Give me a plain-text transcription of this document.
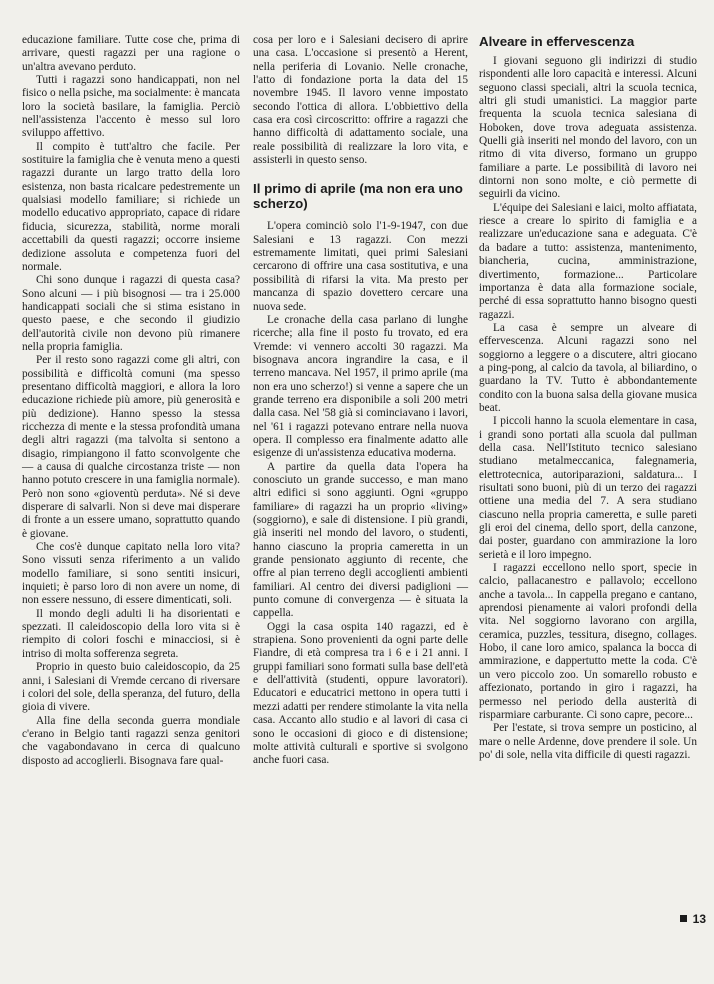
educazione familiare. Tutte cose che, prima di arrivare, questi ragazzi per una ragione o un'altra avevano perduto.

Tutti i ragazzi sono handicappati, non nel fisico o nella psiche, ma socialmente: è mancata loro la società basilare, la famiglia. Perciò nell'assistenza l'accento è messo sul loro sviluppo affettivo.

Il compito è tutt'altro che facile. Per sostituire la famiglia che è venuta meno a questi ragazzi durante un largo tratto della loro esistenza, non basta ricalcare pedestremente un qualsiasi modello familiare; si richiede un modello educativo appropriato, capace di ridare fiducia, sicurezza, stabilità, norme morali accettabili da questi ragazzi; occorre insieme dedizione assoluta e competenza fuori del normale.

Chi sono dunque i ragazzi di questa casa? Sono alcuni — i più bisognosi — tra i 25.000 handicappati sociali che si stima esistano in questo paese, e che secondo il giudizio dell'autorità civile non devono più rimanere nella propria famiglia.

Per il resto sono ragazzi come gli altri, con possibilità e difficoltà comuni (ma spesso presentano difficoltà maggiori, e allora la loro educazione richiede più amore, più generosità e più dedizione). Hanno spesso la stessa ricchezza di mente e la stessa profondità umana degli altri ragazzi (ma talvolta si sentono a disagio, rimpiangono il fatto sconvolgente che — a causa di qualche circostanza triste — non hanno potuto crescere in una famiglia normale). Però non sono «gioventù perduta». Né si deve disperare di salvarli. Non si deve mai disperare di fronte a un essere umano, soprattutto quando è giovane.

Che cos'è dunque capitato nella loro vita? Sono vissuti senza riferimento a un valido modello familiare, si sono sentiti insicuri, inquieti; è parso loro di non avere un nome, di non essere nessuno, di essere dimenticati, soli.

Il mondo degli adulti li ha disorientati e spezzati. Il caleidoscopio della loro vita si è riempito di colori foschi e minacciosi, si è intriso di molta sofferenza segreta.

Proprio in questo buio caleidoscopio, da 25 anni, i Salesiani di Vremde cercano di riversare i colori del sole, della speranza, del futuro, della gioia di vivere.

Alla fine della seconda guerra mondiale c'erano in Belgio tanti ragazzi senza genitori che vagabondavano in cerca di qualcuno disposto ad accoglierli. Bisognava fare qual-

cosa per loro e i Salesiani decisero di aprire una casa. L'occasione si presentò a Herent, nella periferia di Lovanio. Nelle cronache, l'atto di fondazione porta la data del 15 novembre 1945. Il lavoro venne impostato secondo l'ottica di allora. L'obbiettivo della casa era così circoscritto: offrire a ragazzi che hanno difficoltà di adattamento sociale, una reale possibilità di realizzare la loro vita, e assisterli in questo senso.

Il primo di aprile (ma non era uno scherzo)

L'opera cominciò solo l'1-9-1947, con due Salesiani e 13 ragazzi. Con mezzi estremamente limitati, quei primi Salesiani cercarono di offrire una casa sostitutiva, e una possibilità di rifarsi la vita. Ma presto per mancanza di spazio dovettero cercare una nuova sede.

Le cronache della casa parlano di lunghe ricerche; alla fine il posto fu trovato, ed era Vremde: vi vennero accolti 30 ragazzi. Ma bisognava ancora ingrandire la casa, e il terreno mancava. Nel 1957, il primo aprile (ma non era uno scherzo!) si venne a sapere che un grande terreno era disponibile a soli 200 metri dalla casa. Nel '58 già si cominciavano i lavori, nel '61 i ragazzi potevano entrare nella nuova opera. Il complesso era finalmente adatto alle esigenze di un'assistenza educativa moderna.

A partire da quella data l'opera ha conosciuto un grande successo, e man mano altri edifici si sono aggiunti. Ogni «gruppo familiare» di ragazzi ha un proprio «living» (soggiorno), e sale di distensione. I più grandi, già inseriti nel mondo del lavoro, o studenti, hanno ciascuno la propria cameretta in un grande pensionato aggiunto di recente, che offre al pian terreno degli accoglienti ambienti familiari. Al centro dei diversi padiglioni — punto comune di convergenza — è situata la cappella.

Oggi la casa ospita 140 ragazzi, ed è strapiena. Sono provenienti da ogni parte delle Fiandre, di età compresa tra i 6 e i 21 anni. I gruppi familiari sono formati sulla base dell'età e dell'attività (studenti, oppure lavoratori). Educatori e educatrici mettono in opera tutti i mezzi adatti per rendere stimolante la vita nella casa. Accanto allo studio e al lavori di casa ci sono le occasioni di gioco e di distensione; molte attività culturali e sportive si svolgono anche fuori casa.

Alveare in effervescenza

I giovani seguono gli indirizzi di studio rispondenti alle loro capacità e interessi. Alcuni seguono classi speciali, altri la scuola tecnica, altri gli studi umanistici. La maggior parte frequenta la scuola tecnica salesiana di Hoboken, dove trova adeguata assistenza. Quelli già inseriti nel mondo del lavoro, con un ritmo di vita diverso, formano un gruppo familiare a parte. Le possibilità di lavoro nei dintorni non sono molte, e ciò permette di seguirli da vicino.

L'équipe dei Salesiani e laici, molto affiatata, riesce a creare lo spirito di famiglia e a realizzare un'educazione sana e adeguata. C'è da badare a tutto: assistenza, mantenimento, biancheria, cucina, amministrazione, divertimento, formazione... Particolare importanza è data alla formazione sociale, perché di essa soprattutto hanno bisogno questi ragazzi.

La casa è sempre un alveare di effervescenza. Alcuni ragazzi sono nel soggiorno a leggere o a discutere, altri giocano a ping-pong, al calcio da tavola, al biliardino, o guardano la TV. Tutto è abbondantemente condito con la buona salsa della giovane musica beat.

I piccoli hanno la scuola elementare in casa, i grandi sono portati alla scuola dal pullman della casa. Nell'Istituto tecnico salesiano studiano metalmeccanica, falegnameria, elettrotecnica, autoriparazioni, saldatura... I risultati sono buoni, più di un terzo dei ragazzi ottiene una media del 7. A sera studiano ciascuno nella propria cameretta, e sulle pareti gli eroi del cinema, dello sport, della canzone, dai poster, guardano con ammirazione la loro serietà e il loro impegno.

I ragazzi eccellono nello sport, specie in calcio, pallacanestro e pallavolo; eccellono anche a tavola... In cappella pregano e cantano, aprendosi pienamente ai valori profondi della vita. Nel soggiorno lavorano con argilla, ceramica, puzzles, tessitura, disegno, collages. Hobo, il cane loro amico, spalanca la bocca di ammirazione, e dappertutto mette la coda. C'è un vero piccolo zoo. Un somarello robusto e affezionato, portando in giro i ragazzi, ha permesso nel periodo della austerità di risparmiare carburante. Ci sono capre, pecore...

Per l'estate, si trova sempre un posticino, al mare o nelle Ardenne, dove prendere il sole. Un po' di sole, nella vita difficile di questi ragazzi.

13
